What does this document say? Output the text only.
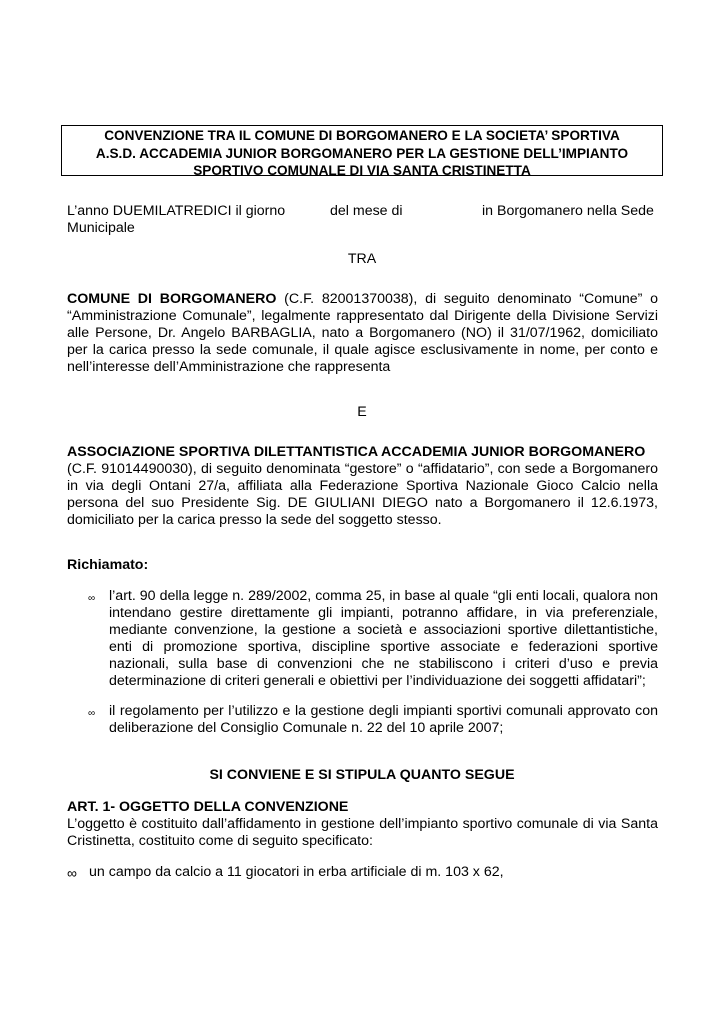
CONVENZIONE TRA IL COMUNE DI BORGOMANERO E LA SOCIETA’ SPORTIVA
A.S.D. ACCADEMIA JUNIOR BORGOMANERO PER LA GESTIONE DELL’IMPIANTO
SPORTIVO COMUNALE DI VIA SANTA CRISTINETTA
L’anno DUEMILATREDICI il giorno	del mese di	in Borgomanero nella Sede
Municipale
TRA
COMUNE DI BORGOMANERO (C.F. 82001370038), di seguito denominato “Comune” o “Amministrazione Comunale”, legalmente rappresentato dal Dirigente della Divisione Servizi alle Persone, Dr. Angelo BARBAGLIA, nato a Borgomanero (NO) il 31/07/1962, domiciliato per la carica presso la sede comunale, il quale agisce esclusivamente in nome, per conto e nell’interesse dell’Amministrazione che rappresenta
E
ASSOCIAZIONE SPORTIVA DILETTANTISTICA ACCADEMIA JUNIOR BORGOMANERO
(C.F. 91014490030), di seguito denominata “gestore” o “affidatario”, con sede a Borgomanero in via degli Ontani 27/a, affiliata alla Federazione Sportiva Nazionale Gioco Calcio nella persona del suo Presidente Sig. DE GIULIANI DIEGO nato a Borgomanero il 12.6.1973, domiciliato per la carica presso la sede del soggetto stesso.
Richiamato:
∞ l’art. 90 della legge n. 289/2002, comma 25, in base al quale “gli enti locali, qualora non intendano gestire direttamente gli impianti, potranno affidare, in via preferenziale, mediante convenzione, la gestione a società e associazioni sportive dilettantistiche, enti di promozione sportiva, discipline sportive associate e federazioni sportive nazionali, sulla base di convenzioni che ne stabiliscono i criteri d’uso e previa determinazione di criteri generali e obiettivi per l’individuazione dei soggetti affidatari”;
∞ il regolamento per l’utilizzo e la gestione degli impianti sportivi comunali approvato con deliberazione del Consiglio Comunale n. 22 del 10 aprile 2007;
SI CONVIENE E SI STIPULA QUANTO SEGUE
ART. 1- OGGETTO DELLA CONVENZIONE
L’oggetto è costituito dall’affidamento in gestione dell’impianto sportivo comunale di via Santa Cristinetta, costituito come di seguito specificato:
∞ un campo da calcio a 11 giocatori in erba artificiale di m. 103 x 62,
